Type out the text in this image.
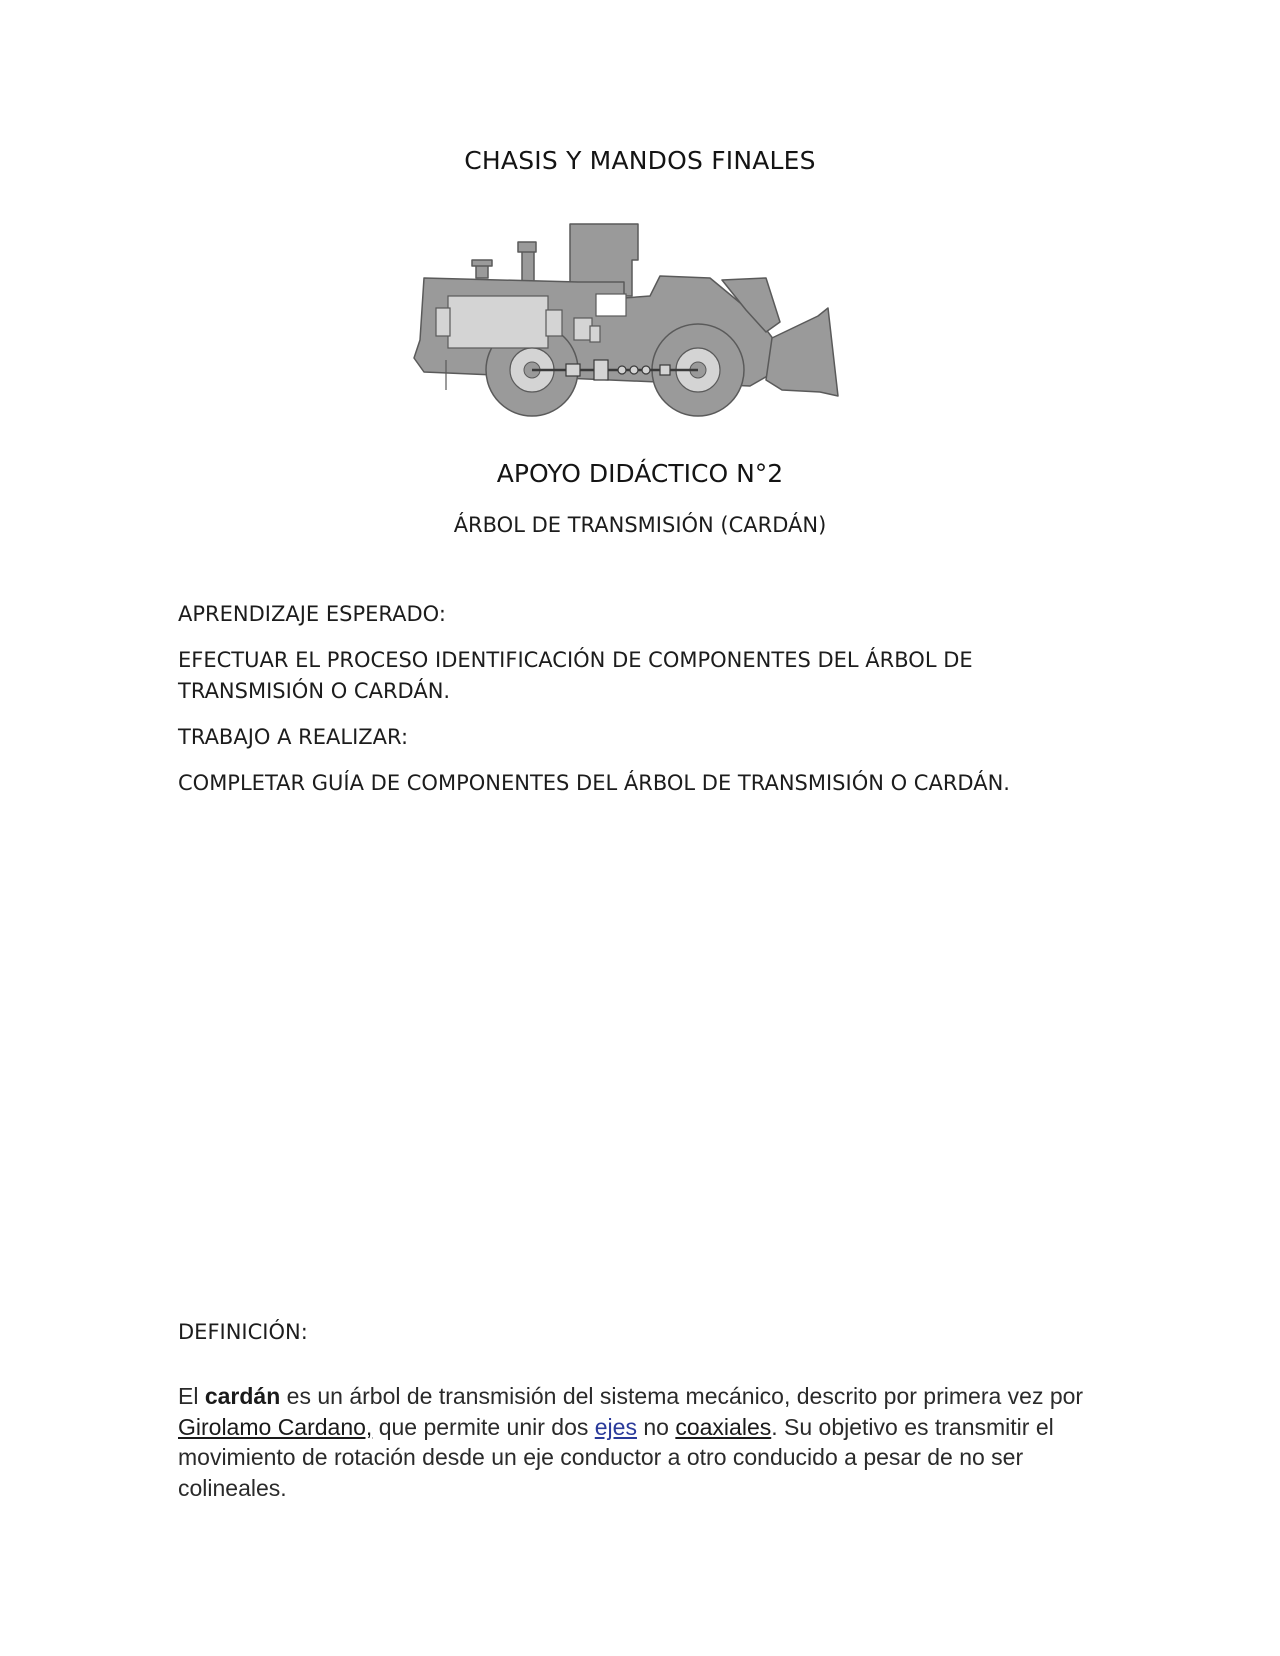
CHASIS Y MANDOS FINALES
APOYO DIDÁCTICO N°2

ÁRBOL DE TRANSMISIÓN (CARDÁN)

APRENDIZAJE ESPERADO:

EFECTUAR EL PROCESO IDENTIFICACIÓN DE COMPONENTES DEL ÁRBOL DE TRANSMISIÓN O CARDÁN.

TRABAJO A REALIZAR:

COMPLETAR GUÍA DE COMPONENTES DEL ÁRBOL DE TRANSMISIÓN O CARDÁN.

DEFINICIÓN:

El cardán es un árbol de transmisión del sistema mecánico, descrito por primera vez por Girolamo Cardano, que permite unir dos ejes no coaxiales. Su objetivo es transmitir el movimiento de rotación desde un eje conductor a otro conducido a pesar de no ser colineales.
